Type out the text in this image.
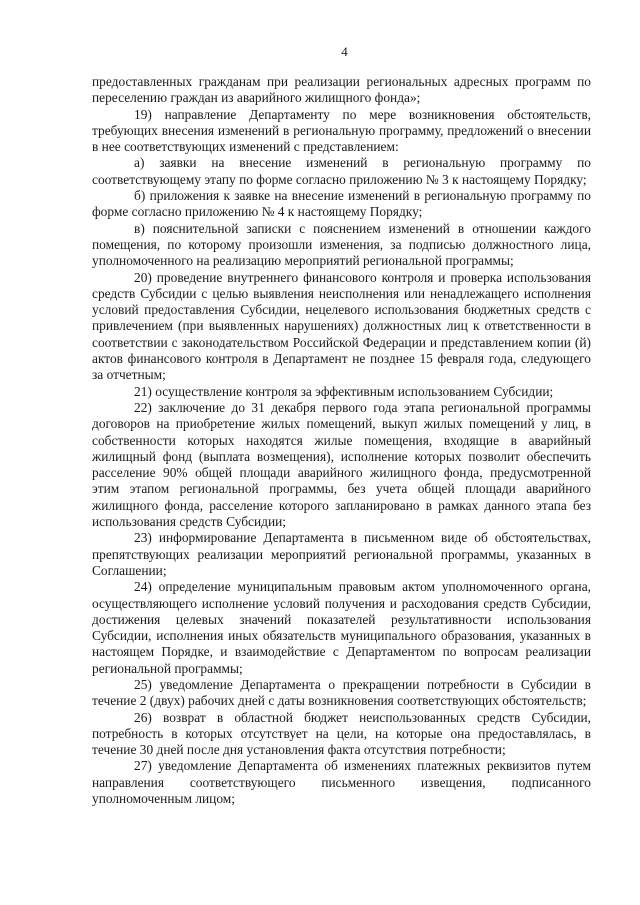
4

предоставленных гражданам при реализации региональных адресных программ по переселению граждан из аварийного жилищного фонда»;

19) направление Департаменту по мере возникновения обстоятельств, требующих внесения изменений в региональную программу, предложений о внесении в нее соответствующих изменений с представлением:

а) заявки на внесение изменений в региональную программу по соответствующему этапу по форме согласно приложению № 3 к настоящему Порядку;

б) приложения к заявке на внесение изменений в региональную программу по форме согласно приложению № 4 к настоящему Порядку;

в) пояснительной записки с пояснением изменений в отношении каждого помещения, по которому произошли изменения, за подписью должностного лица, уполномоченного на реализацию мероприятий региональной программы;

20) проведение внутреннего финансового контроля и проверка использования средств Субсидии с целью выявления неисполнения или ненадлежащего исполнения условий предоставления Субсидии, нецелевого использования бюджетных средств с привлечением (при выявленных нарушениях) должностных лиц к ответственности в соответствии с законодательством Российской Федерации и представлением копии (й) актов финансового контроля в Департамент не позднее 15 февраля года, следующего за отчетным;

21) осуществление контроля за эффективным использованием Субсидии;

22) заключение до 31 декабря первого года этапа региональной программы договоров на приобретение жилых помещений, выкуп жилых помещений у лиц, в собственности которых находятся жилые помещения, входящие в аварийный жилищный фонд (выплата возмещения), исполнение которых позволит обеспечить расселение 90% общей площади аварийного жилищного фонда, предусмотренной этим этапом региональной программы, без учета общей площади аварийного жилищного фонда, расселение которого запланировано в рамках данного этапа без использования средств Субсидии;

23) информирование Департамента в письменном виде об обстоятельствах, препятствующих реализации мероприятий региональной программы, указанных в Соглашении;

24) определение муниципальным правовым актом уполномоченного органа, осуществляющего исполнение условий получения и расходования средств Субсидии, достижения целевых значений показателей результативности использования Субсидии, исполнения иных обязательств муниципального образования, указанных в настоящем Порядке, и взаимодействие с Департаментом по вопросам реализации региональной программы;

25) уведомление Департамента о прекращении потребности в Субсидии в течение 2 (двух) рабочих дней с даты возникновения соответствующих обстоятельств;

26) возврат в областной бюджет неиспользованных средств Субсидии, потребность в которых отсутствует на цели, на которые она предоставлялась, в течение 30 дней после дня установления факта отсутствия потребности;

27) уведомление Департамента об изменениях платежных реквизитов путем направления соответствующего письменного извещения, подписанного уполномоченным лицом;
